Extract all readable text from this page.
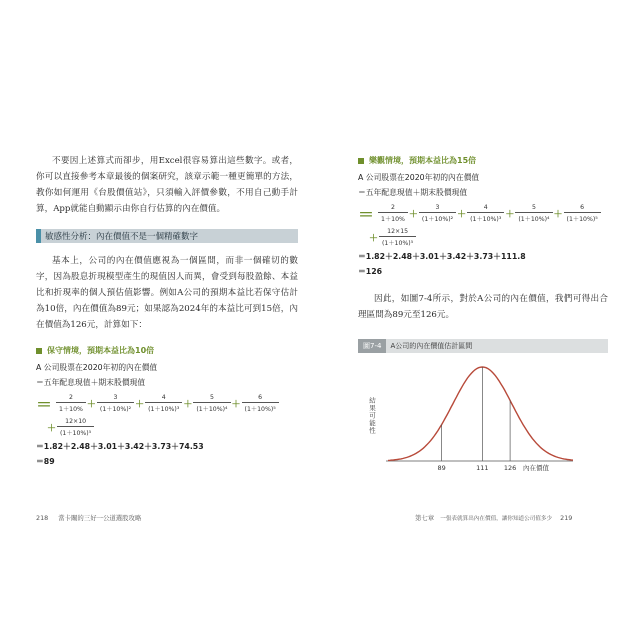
不要因上述算式而卻步，用Excel很容易算出這些數字。或者，你可以直接參考本章最後的個案研究，該章示範一種更簡單的方法，教你如何運用《台股價值站》，只須輸入評價參數，不用自己動手計算，App就能自動顯示由你自行估算的內在價值。

敏感性分析：內在價值不是一個精確數字

基本上，公司的內在價值應視為一個區間，而非一個確切的數字，因為股息折現模型產生的現值因人而異，會受到每股盈餘、本益比和折現率的個人預估值影響。例如A公司的預期本益比若保守估計為10倍，內在價值為89元；如果認為2024年的本益比可到15倍，內在價值為126元，計算如下：

保守情境，預期本益比為10倍
A 公司股票在2020年初的內在價值
＝五年配息現值＋期末股價現值
＝ $\frac{2}{1+10\%} + \frac{3}{\text{(1＋10\%)²}} + \frac{4}{\text{(1＋10\%)³}} + \frac{5}{\text{(1＋10\%)⁴}} + \frac{6}{\text{(1＋10\%)⁵}}$
＋ $\frac{12\times 10}{\text{(1＋10\%)⁵}}$
＝1.82＋2.48＋3.01＋3.42＋3.73＋74.53
＝89
218 當卡關的三好一公道選股攻略
樂觀情境，預期本益比為15倍
A 公司股票在2020年初的內在價值
＝五年配息現值＋期末股價現值
＝ $\frac{2}{1+10\%} + \frac{3}{\text{(1＋10\%)²}} + \frac{4}{\text{(1＋10\%)³}} + \frac{5}{\text{(1＋10\%)⁴}} + \frac{6}{\text{(1＋10\%)⁵}}$
＋ $\frac{12\times 15}{\text{(1＋10\%)⁵}}$
＝1.82＋2.48＋3.01＋3.42＋3.73＋111.8
＝126

因此，如圖7-4所示，對於A公司的內在價值，我們可得出合理區間為89元至126元。

圖7-4	A公司的內在價值估計區間
結果可能性
89	111 126 內在價值
第七章 一張表就算出內在價值，讓你知道公司值多少 219
